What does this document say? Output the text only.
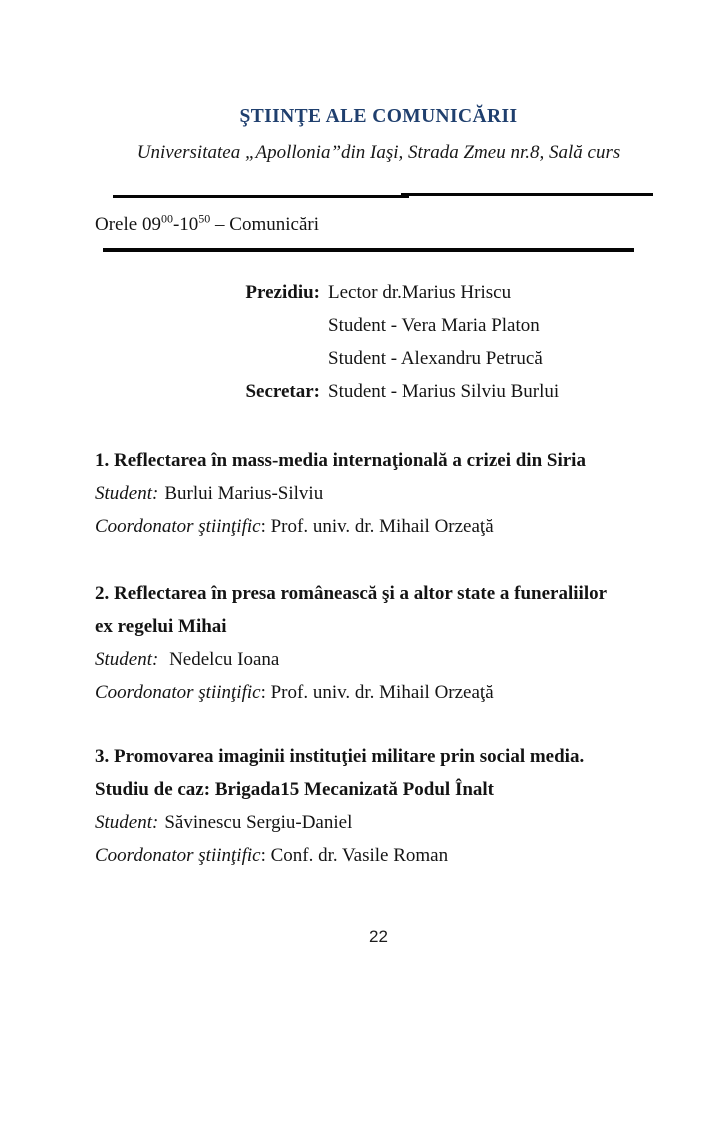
ŞTIINŢE ALE COMUNICĂRII
Universitatea „Apollonia”din Iaşi, Strada Zmeu nr.8, Sală curs
Orele $09^{00}-10^{50}$ – Comunicări
Prezidiu: Lector dr.Marius Hriscu
Student - Vera Maria Platon
Student - Alexandru Petrucă
Secretar: Student - Marius Silviu Burlui
1. Reflectarea în mass-media internaţională a crizei din Siria
Student: Burlui Marius-Silviu
Coordonator ştiinţific: Prof. univ. dr. Mihail Orzeaţă
2. Reflectarea în presa românească şi a altor state a funeraliilor
ex regelui Mihai
Student: Nedelcu Ioana
Coordonator ştiinţific: Prof. univ. dr. Mihail Orzeaţă
3. Promovarea imaginii instituţiei militare prin social media.
Studiu de caz: Brigada15 Mecanizată Podul Înalt
Student: Săvinescu Sergiu-Daniel
Coordonator ştiinţific: Conf. dr. Vasile Roman
22
